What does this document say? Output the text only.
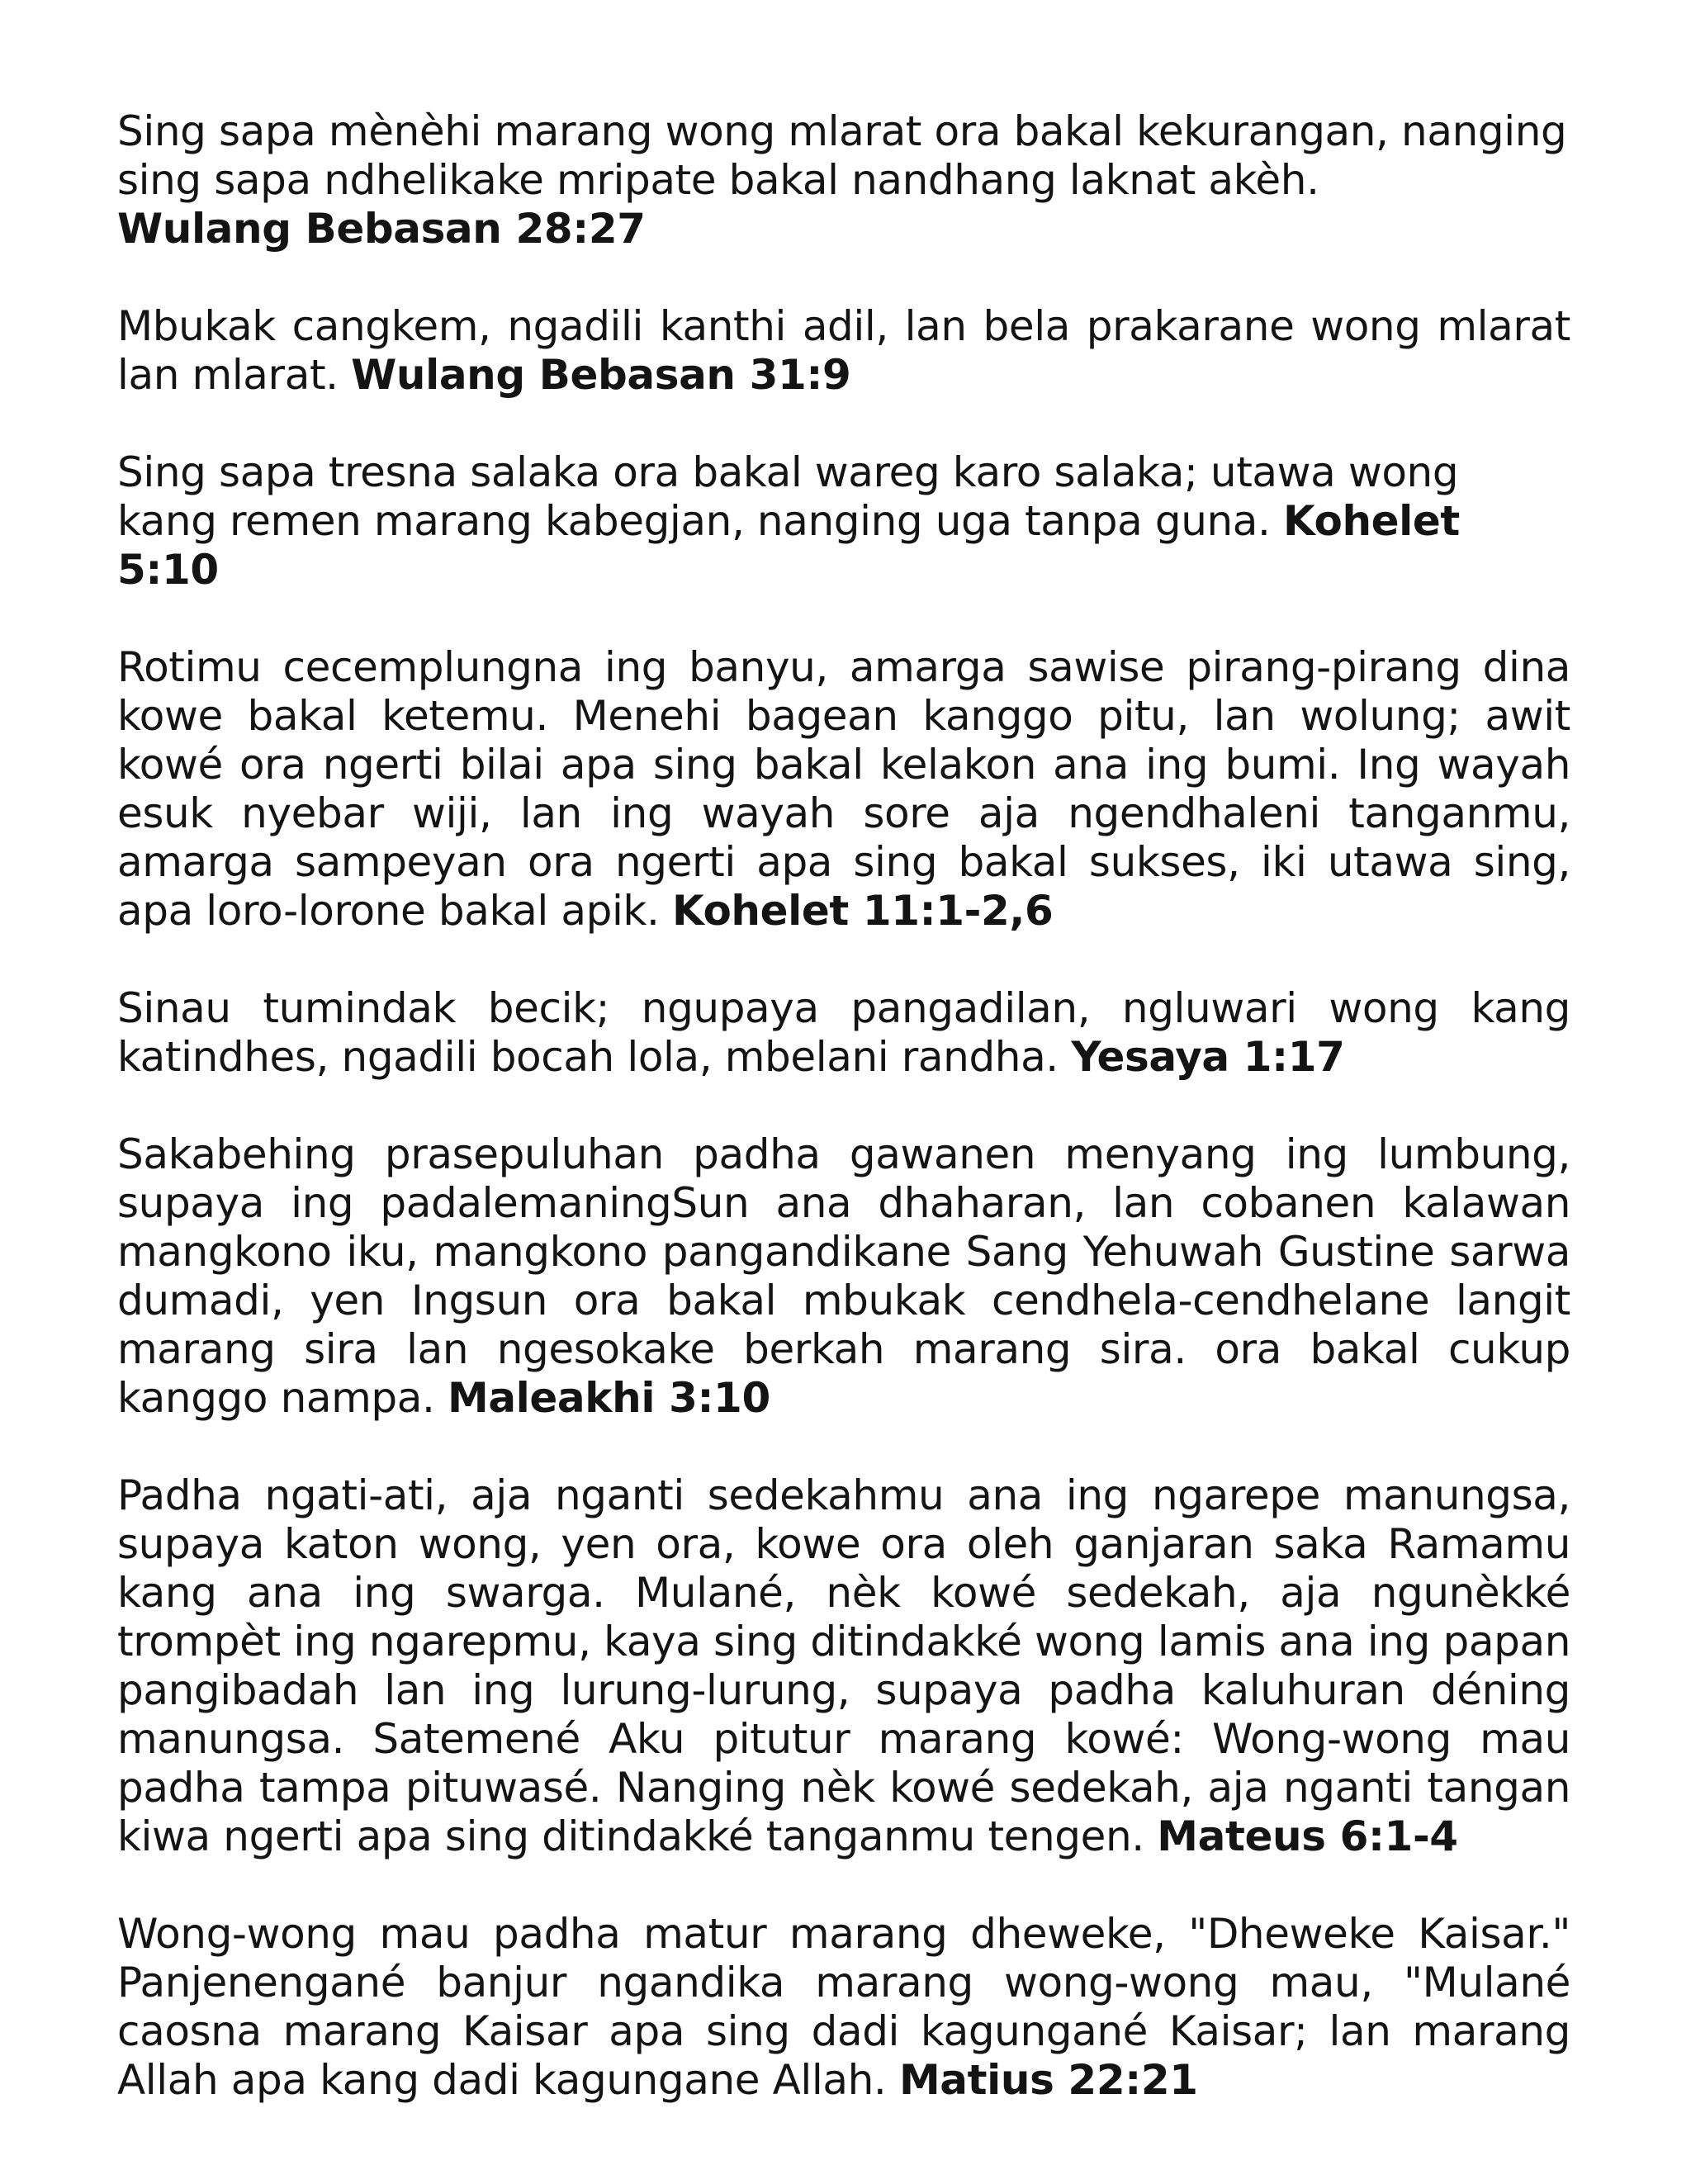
Sing sapa mènèhi marang wong mlarat ora bakal kekurangan, nanging sing sapa ndhelikake mripate bakal nandhang laknat akèh.
Wulang Bebasan 28:27

Mbukak cangkem, ngadili kanthi adil, lan bela prakarane wong mlarat lan mlarat. Wulang Bebasan 31:9

Sing sapa tresna salaka ora bakal wareg karo salaka; utawa wong kang remen marang kabegjan, nanging uga tanpa guna. Kohelet 5:10

Rotimu cecemplungna ing banyu, amarga sawise pirang-pirang dina kowe bakal ketemu. Menehi bagean kanggo pitu, lan wolung; awit kowé ora ngerti bilai apa sing bakal kelakon ana ing bumi. Ing wayah esuk nyebar wiji, lan ing wayah sore aja ngendhaleni tanganmu, amarga sampeyan ora ngerti apa sing bakal sukses, iki utawa sing, apa loro-lorone bakal apik. Kohelet 11:1-2,6

Sinau tumindak becik; ngupaya pangadilan, ngluwari wong kang katindhes, ngadili bocah lola, mbelani randha. Yesaya 1:17

Sakabehing prasepuluhan padha gawanen menyang ing lumbung, supaya ing padalemaningSun ana dhaharan, lan cobanen kalawan mangkono iku, mangkono pangandikane Sang Yehuwah Gustine sarwa dumadi, yen Ingsun ora bakal mbukak cendhela-cendhelane langit marang sira lan ngesokake berkah marang sira. ora bakal cukup kanggo nampa. Maleakhi 3:10

Padha ngati-ati, aja nganti sedekahmu ana ing ngarepe manungsa, supaya katon wong, yen ora, kowe ora oleh ganjaran saka Ramamu kang ana ing swarga. Mulané, nèk kowé sedekah, aja ngunèkké trompèt ing ngarepmu, kaya sing ditindakké wong lamis ana ing papan pangibadah lan ing lurung-lurung, supaya padha kaluhuran déning manungsa. Satemené Aku pitutur marang kowé: Wong-wong mau padha tampa pituwasé. Nanging nèk kowé sedekah, aja nganti tangan kiwa ngerti apa sing ditindakké tanganmu tengen. Mateus 6:1-4

Wong-wong mau padha matur marang dheweke, "Dheweke Kaisar." Panjenengané banjur ngandika marang wong-wong mau, "Mulané caosna marang Kaisar apa sing dadi kagungané Kaisar; lan marang Allah apa kang dadi kagungane Allah. Matius 22:21
